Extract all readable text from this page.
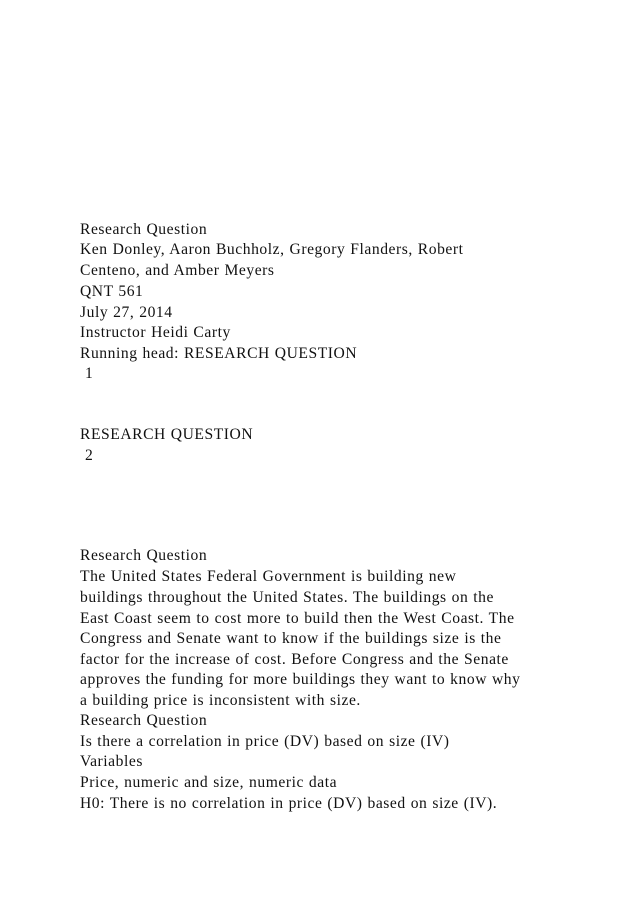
Research Question

Ken Donley, Aaron Buchholz, Gregory Flanders, Robert

Centeno, and Amber Meyers

QNT 561

July 27, 2014

Instructor Heidi Carty

Running head: RESEARCH QUESTION

1

RESEARCH QUESTION

2

Research Question

The United States Federal Government is building new

buildings throughout the United States. The buildings on the

East Coast seem to cost more to build then the West Coast. The

Congress and Senate want to know if the buildings size is the

factor for the increase of cost. Before Congress and the Senate

approves the funding for more buildings they want to know why

a building price is inconsistent with size.

Research Question

Is there a correlation in price (DV) based on size (IV)

Variables

Price, numeric and size, numeric data

H0: There is no correlation in price (DV) based on size (IV).
